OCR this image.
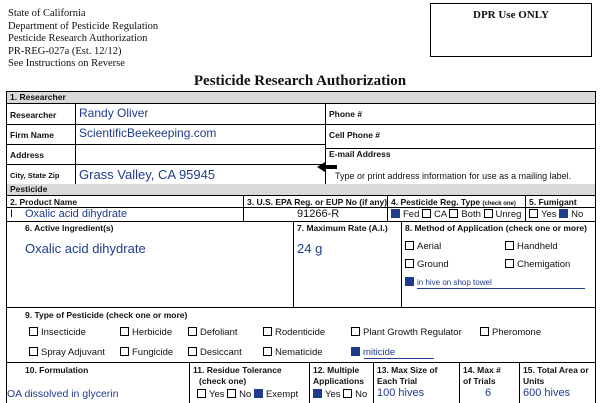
State of California
Department of Pesticide Regulation
Pesticide Research Authorization
PR-REG-027a (Est. 12/12)
See Instructions on Reverse
DPR Use ONLY
Pesticide Research Authorization
1. Researcher
Researcher Randy Oliver
Firm Name ScientificBeekeeping.com
Address
City, State Zip Grass Valley, CA 95945
Phone #
Cell Phone #
E-mail Address
Type or print address information for use as a mailing label.
Pesticide
2. Product Name	3. U.S. EPA Reg. or EUP No (if any) 4. Pesticide Reg. Type (check one) 5. Fumigant
I Oxalic acid dihydrate	91266-R	Fed CA Both Unreg	Yes No
6. Active Ingredient(s)
Oxalic acid dihydrate
7. Maximum Rate (A.I.)
24 g
8. Method of Application (check one or more)
Aerial	Handheld
Ground	Chemigation
in hive on shop towel
9. Type of Pesticide (check one or more)
Insecticide	Herbicide	Defoliant	Rodenticide	Plant Growth Regulator	Pheromone
Spray Adjuvant	Fungicide	Desiccant	Nematicide	miticide
10. Formulation
OA dissolved in glycerin
11. Residue Tolerance
(check one)
Yes No Exempt
12. Multiple
Applications
Yes No
13. Max Size of
Each Trial
100 hives
14. Max #
of Trials
6
15. Total Area or
Units
600 hives
